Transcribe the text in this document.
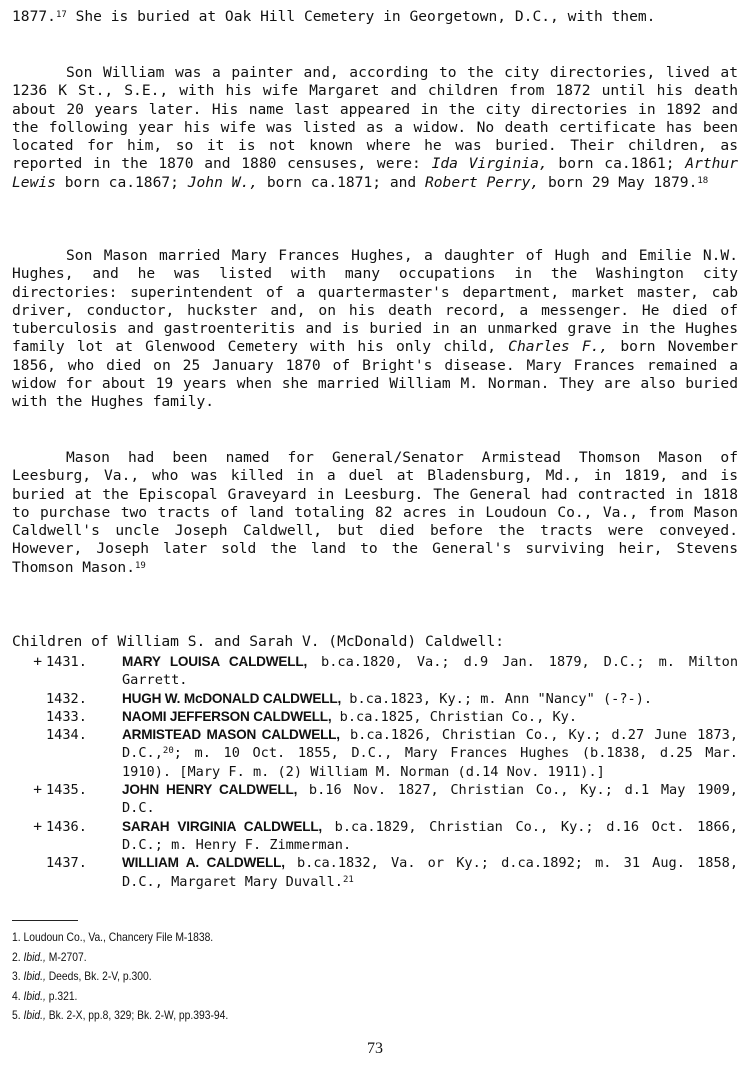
1877.17 She is buried at Oak Hill Cemetery in Georgetown, D.C., with them.

Son William was a painter and, according to the city directories, lived at 1236 K St., S.E., with his wife Margaret and children from 1872 until his death about 20 years later. His name last appeared in the city directories in 1892 and the following year his wife was listed as a widow. No death certificate has been located for him, so it is not known where he was buried. Their children, as reported in the 1870 and 1880 censuses, were: Ida Virginia, born ca.1861; Arthur Lewis born ca.1867; John W., born ca.1871; and Robert Perry, born 29 May 1879.18

Son Mason married Mary Frances Hughes, a daughter of Hugh and Emilie N.W. Hughes, and he was listed with many occupations in the Washington city directories: superintendent of a quartermaster's department, market master, cab driver, conductor, huckster and, on his death record, a messenger. He died of tuberculosis and gastroenteritis and is buried in an unmarked grave in the Hughes family lot at Glenwood Cemetery with his only child, Charles F., born November 1856, who died on 25 January 1870 of Bright's disease. Mary Frances remained a widow for about 19 years when she married William M. Norman. They are also buried with the Hughes family.

Mason had been named for General/Senator Armistead Thomson Mason of Leesburg, Va., who was killed in a duel at Bladensburg, Md., in 1819, and is buried at the Episcopal Graveyard in Leesburg. The General had contracted in 1818 to purchase two tracts of land totaling 82 acres in Loudoun Co., Va., from Mason Caldwell's uncle Joseph Caldwell, but died before the tracts were conveyed. However, Joseph later sold the land to the General's surviving heir, Stevens Thomson Mason.$^{19}$

Children of William S. and Sarah V. (McDonald) Caldwell:
+ 1431.	MARY LOUISA CALDWELL, b.ca.1820, Va.; d.9 Jan. 1879, D.C.; m. Milton Garrett.
1432.	HUGH W. McDONALD CALDWELL, b.ca.1823, Ky.; m. Ann "Nancy" (-?-).
1433.	NAOMI JEFFERSON CALDWELL, b.ca.1825, Christian Co., Ky.
1434.	ARMISTEAD MASON CALDWELL, b.ca.1826, Christian Co., Ky.; d.27 June 1873, D.C.,$^{20}$; m. 10 Oct. 1855, D.C., Mary Frances Hughes (b.1838, d.25 Mar. 1910). [Mary F. m. (2) William M. Norman (d.14 Nov. 1911).]
+ 1435.	JOHN HENRY CALDWELL, b.16 Nov. 1827, Christian Co., Ky.; d.1 May 1909, D.C.
+ 1436.	SARAH VIRGINIA CALDWELL, b.ca.1829, Christian Co., Ky.; d.16 Oct. 1866, D.C.; m. Henry F. Zimmerman.
1437.	WILLIAM A. CALDWELL, b.ca.1832, Va. or Ky.; d.ca.1892; m. 31 Aug. 1858, D.C., Margaret Mary Duvall.$^{21}$
1. Loudoun Co., Va., Chancery File M-1838.
2. Ibid., M-2707.
3. Ibid., Deeds, Bk. 2-V, p.300.
4. Ibid., p.321.
5. Ibid., Bk. 2-X, pp.8, 329; Bk. 2-W, pp.393-94.
73
